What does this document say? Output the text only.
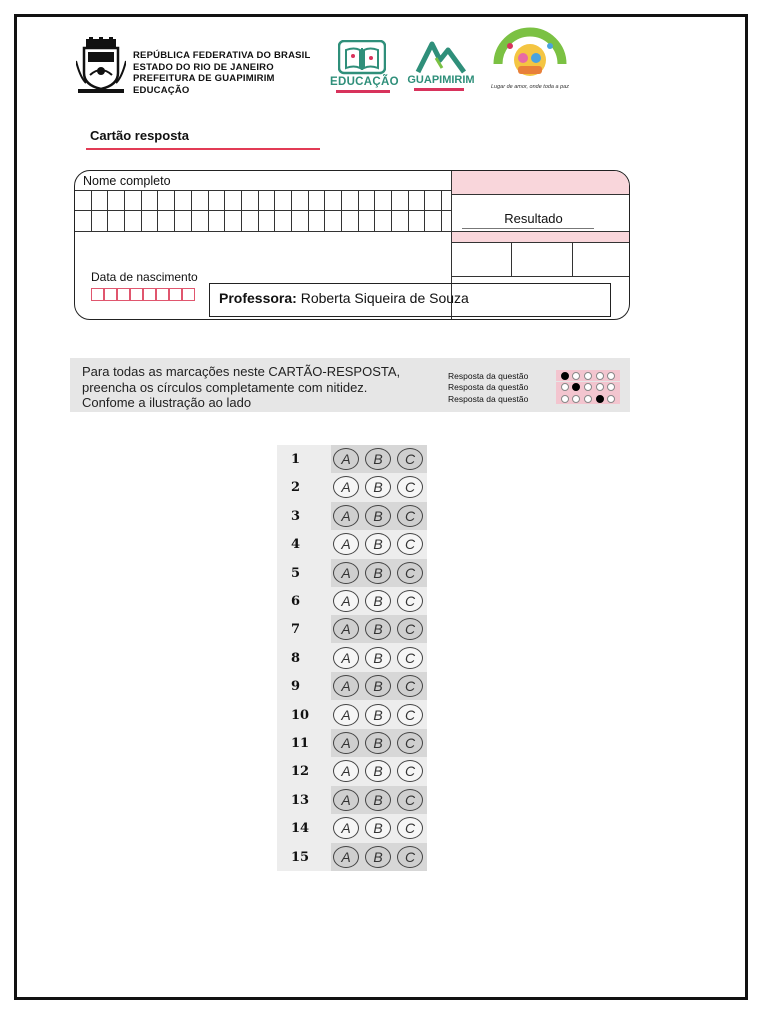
REPÚBLICA FEDERATIVA DO BRASIL
ESTADO DO RIO DE JANEIRO
PREFEITURA DE GUAPIMIRIM
EDUCAÇÃO
EDUCAÇÃO GUAPIMIRIM
Lugar de amor, onde toda a paz
Cartão resposta
Nome completo
Resultado
Data de nascimento
Professora: Roberta Siqueira de Souza
Para todas as marcações neste CARTÃO-RESPOSTA,
preencha os círculos completamente com nitidez.
Confome a ilustração ao lado
Resposta da questão
Resposta da questão
Resposta da questão
1	A	B	C
2	A	B	C
3	A	B	C
4	A	B	C
5	A	B	C
6	A	B	C
7	A	B	C
8	A	B	C
9	A	B	C
10	A	B	C
11	A	B	C
12	A	B	C
13	A	B	C
14	A	B	C
15	A	B	C
